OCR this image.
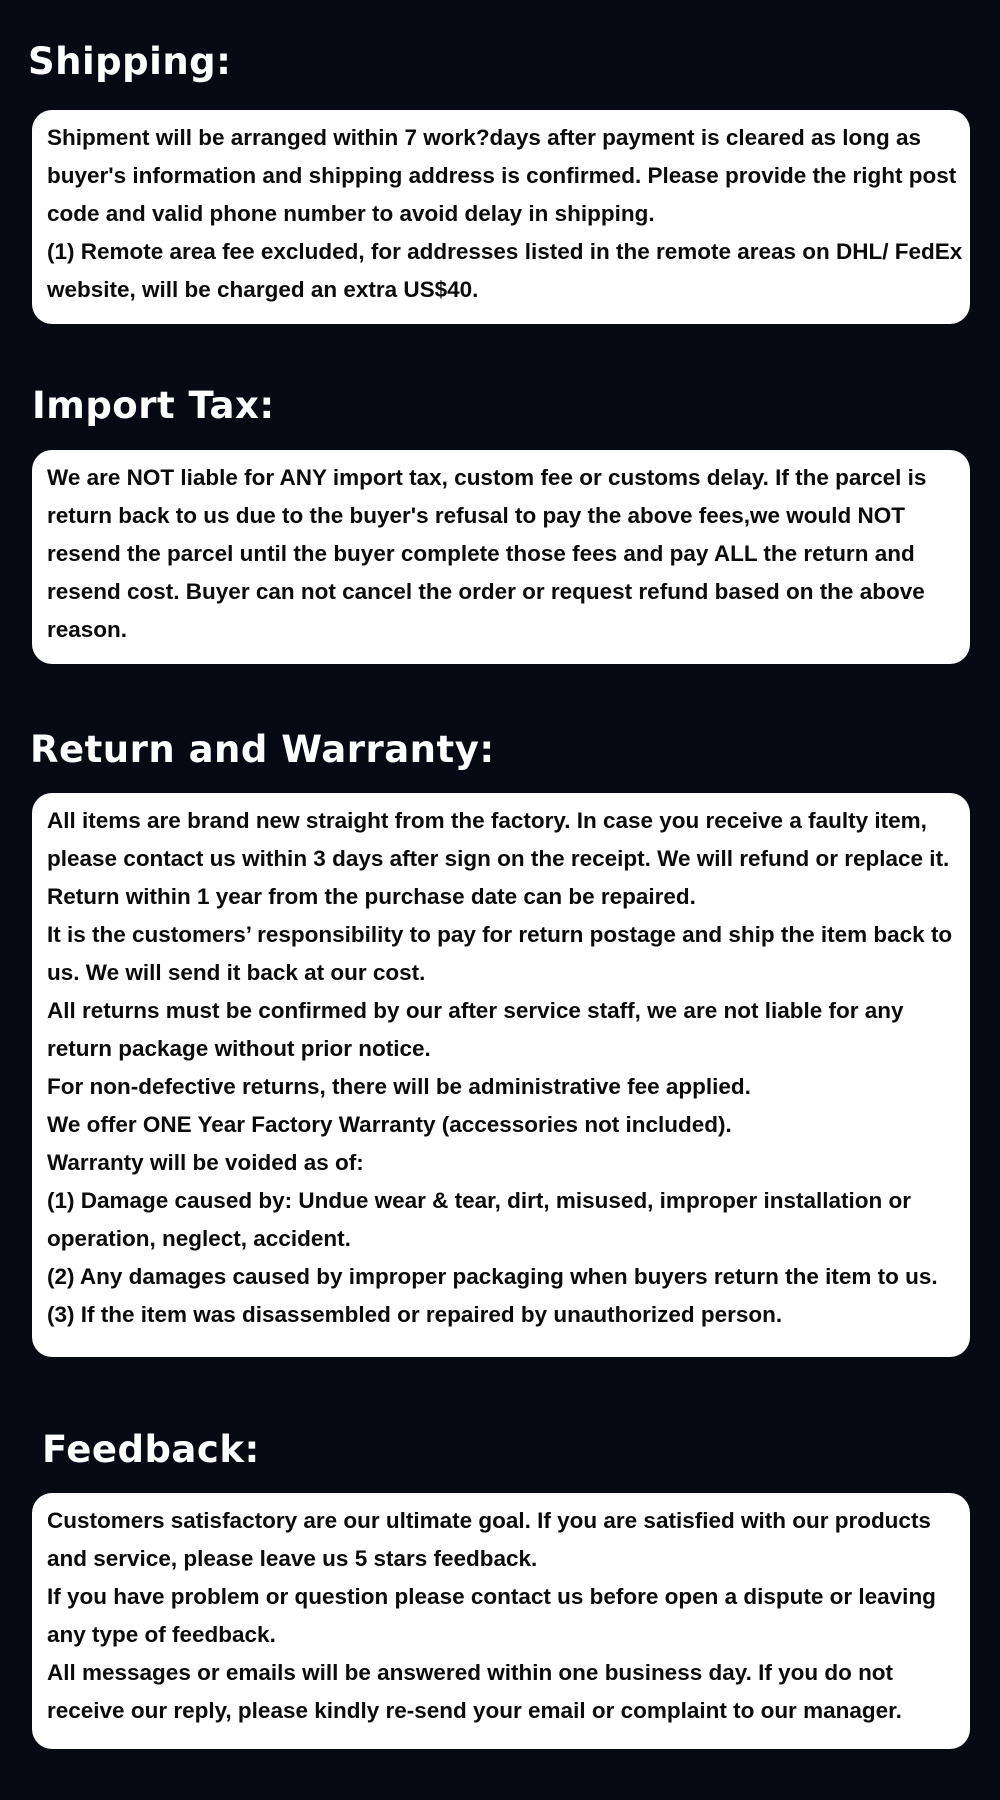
Shipping:
Shipment will be arranged within 7 work?days after payment is cleared as long as
buyer's information and shipping address is confirmed. Please provide the right post
code and valid phone number to avoid delay in shipping.
(1) Remote area fee excluded, for addresses listed in the remote areas on DHL/ FedEx
website, will be charged an extra US$40.
Import Tax:
We are NOT liable for ANY import tax, custom fee or customs delay. If the parcel is
return back to us due to the buyer's refusal to pay the above fees,we would NOT
resend the parcel until the buyer complete those fees and pay ALL the return and
resend cost. Buyer can not cancel the order or request refund based on the above
reason.
Return and Warranty:
All items are brand new straight from the factory. In case you receive a faulty item,
please contact us within 3 days after sign on the receipt. We will refund or replace it.
Return within 1 year from the purchase date can be repaired.
It is the customers’ responsibility to pay for return postage and ship the item back to
us. We will send it back at our cost.
All returns must be confirmed by our after service staff, we are not liable for any
return package without prior notice.
For non-defective returns, there will be administrative fee applied.
We offer ONE Year Factory Warranty (accessories not included).
Warranty will be voided as of:
(1) Damage caused by: Undue wear & tear, dirt, misused, improper installation or
operation, neglect, accident.
(2) Any damages caused by improper packaging when buyers return the item to us.
(3) If the item was disassembled or repaired by unauthorized person.
Feedback:
Customers satisfactory are our ultimate goal. If you are satisfied with our products
and service, please leave us 5 stars feedback.
If you have problem or question please contact us before open a dispute or leaving
any type of feedback.
All messages or emails will be answered within one business day. If you do not
receive our reply, please kindly re-send your email or complaint to our manager.
